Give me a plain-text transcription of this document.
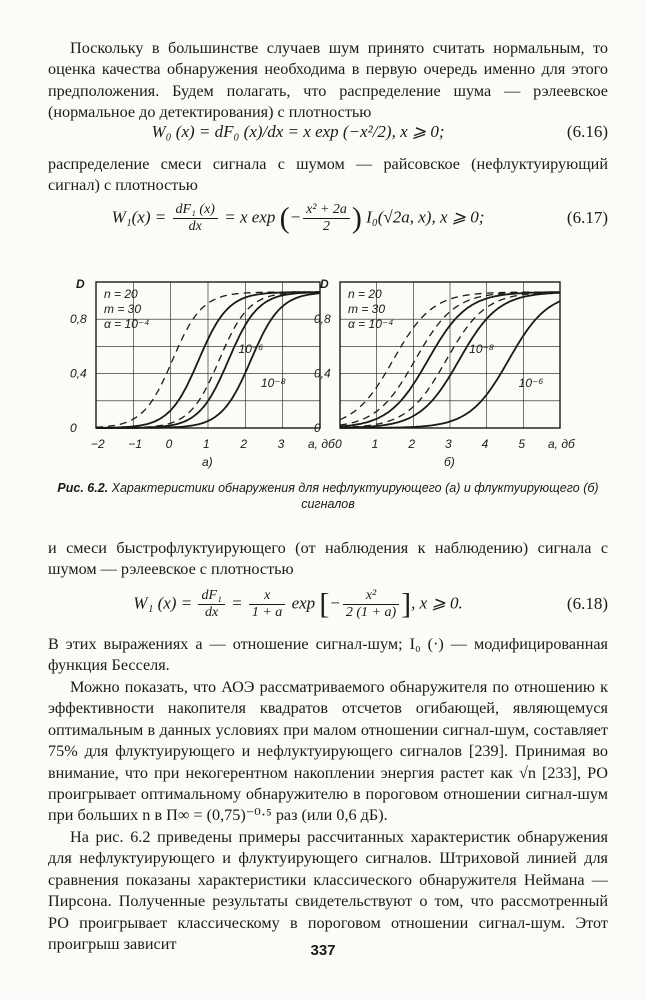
Поскольку в большинстве случаев шум принято считать нормальным, то оценка качества обнаружения необходима в первую очередь именно для этого предположения. Будем полагать, что распределение шума — рэлеевское (нормальное до детектирования) с плотностью

W₀ (x) = dF₀ (x)/dx = x exp (−x²/2), x ⩾ 0;	(6.16)

распределение смеси сигнала с шумом — райсовское (нефлуктуирующий сигнал) с плотностью

$W_1(x) = \frac{\text{dF₁ (x)}}{dx} = x$ exp (− $\frac{\text{x² + 2a}}{2}$ ) I₀(√2a, x), x ⩾ 0;	(6.17)
0,8
0,4
0
D
−2 −1 0	1	2	3 а, дб
а)
n = 20
m = 30
α = 10⁻⁴
10⁻⁶
10⁻⁸
0,8
0,4
0
D
0 1 2 3 4 5 а, дб
б)
n = 20
m = 30
α = 10⁻⁴
10⁻⁸
10⁻⁶
Рис. 6.2. Характеристики обнаружения для нефлуктуирующего (а) и флуктуирующего (б) сигналов

и смеси быстрофлуктуирующего (от наблюдения к наблюдению) сигнала с шумом — рэлеевское с плотностью

W₁ $(x) = \frac{\text{dF₁}}{dx} = \frac{x}{1 + a}$ exp [− $\frac{\text{x²}}{2 (1 + a)}$ ], x ⩾ 0.	(6.18)

В этих выражениях a — отношение сигнал-шум; I₀ (·) — модифицированная функция Бесселя.

Можно показать, что АОЭ рассматриваемого обнаружителя по отношению к эффективности накопителя квадратов отсчетов огибающей, являющемуся оптимальным в данных условиях при малом отношении сигнал-шум, составляет 75% для флуктуирующего и нефлуктуирующего сигналов [239]. Принимая во внимание, что при некогерентном накоплении энергия растет как √n [233], РО проигрывает оптимальному обнаружителю в пороговом отношении сигнал-шум при больших n в П∞ = (0,75)⁻⁰·⁵ раз (или 0,6 дБ).

На рис. 6.2 приведены примеры рассчитанных характеристик обнаружения для нефлуктуирующего и флуктуирующего сигналов. Штриховой линией для сравнения показаны характеристики классического обнаружителя Неймана — Пирсона. Полученные результаты свидетельствуют о том, что рассмотренный РО проигрывает классическому в пороговом отношении сигнал-шум. Этот проигрыш зависит	337
